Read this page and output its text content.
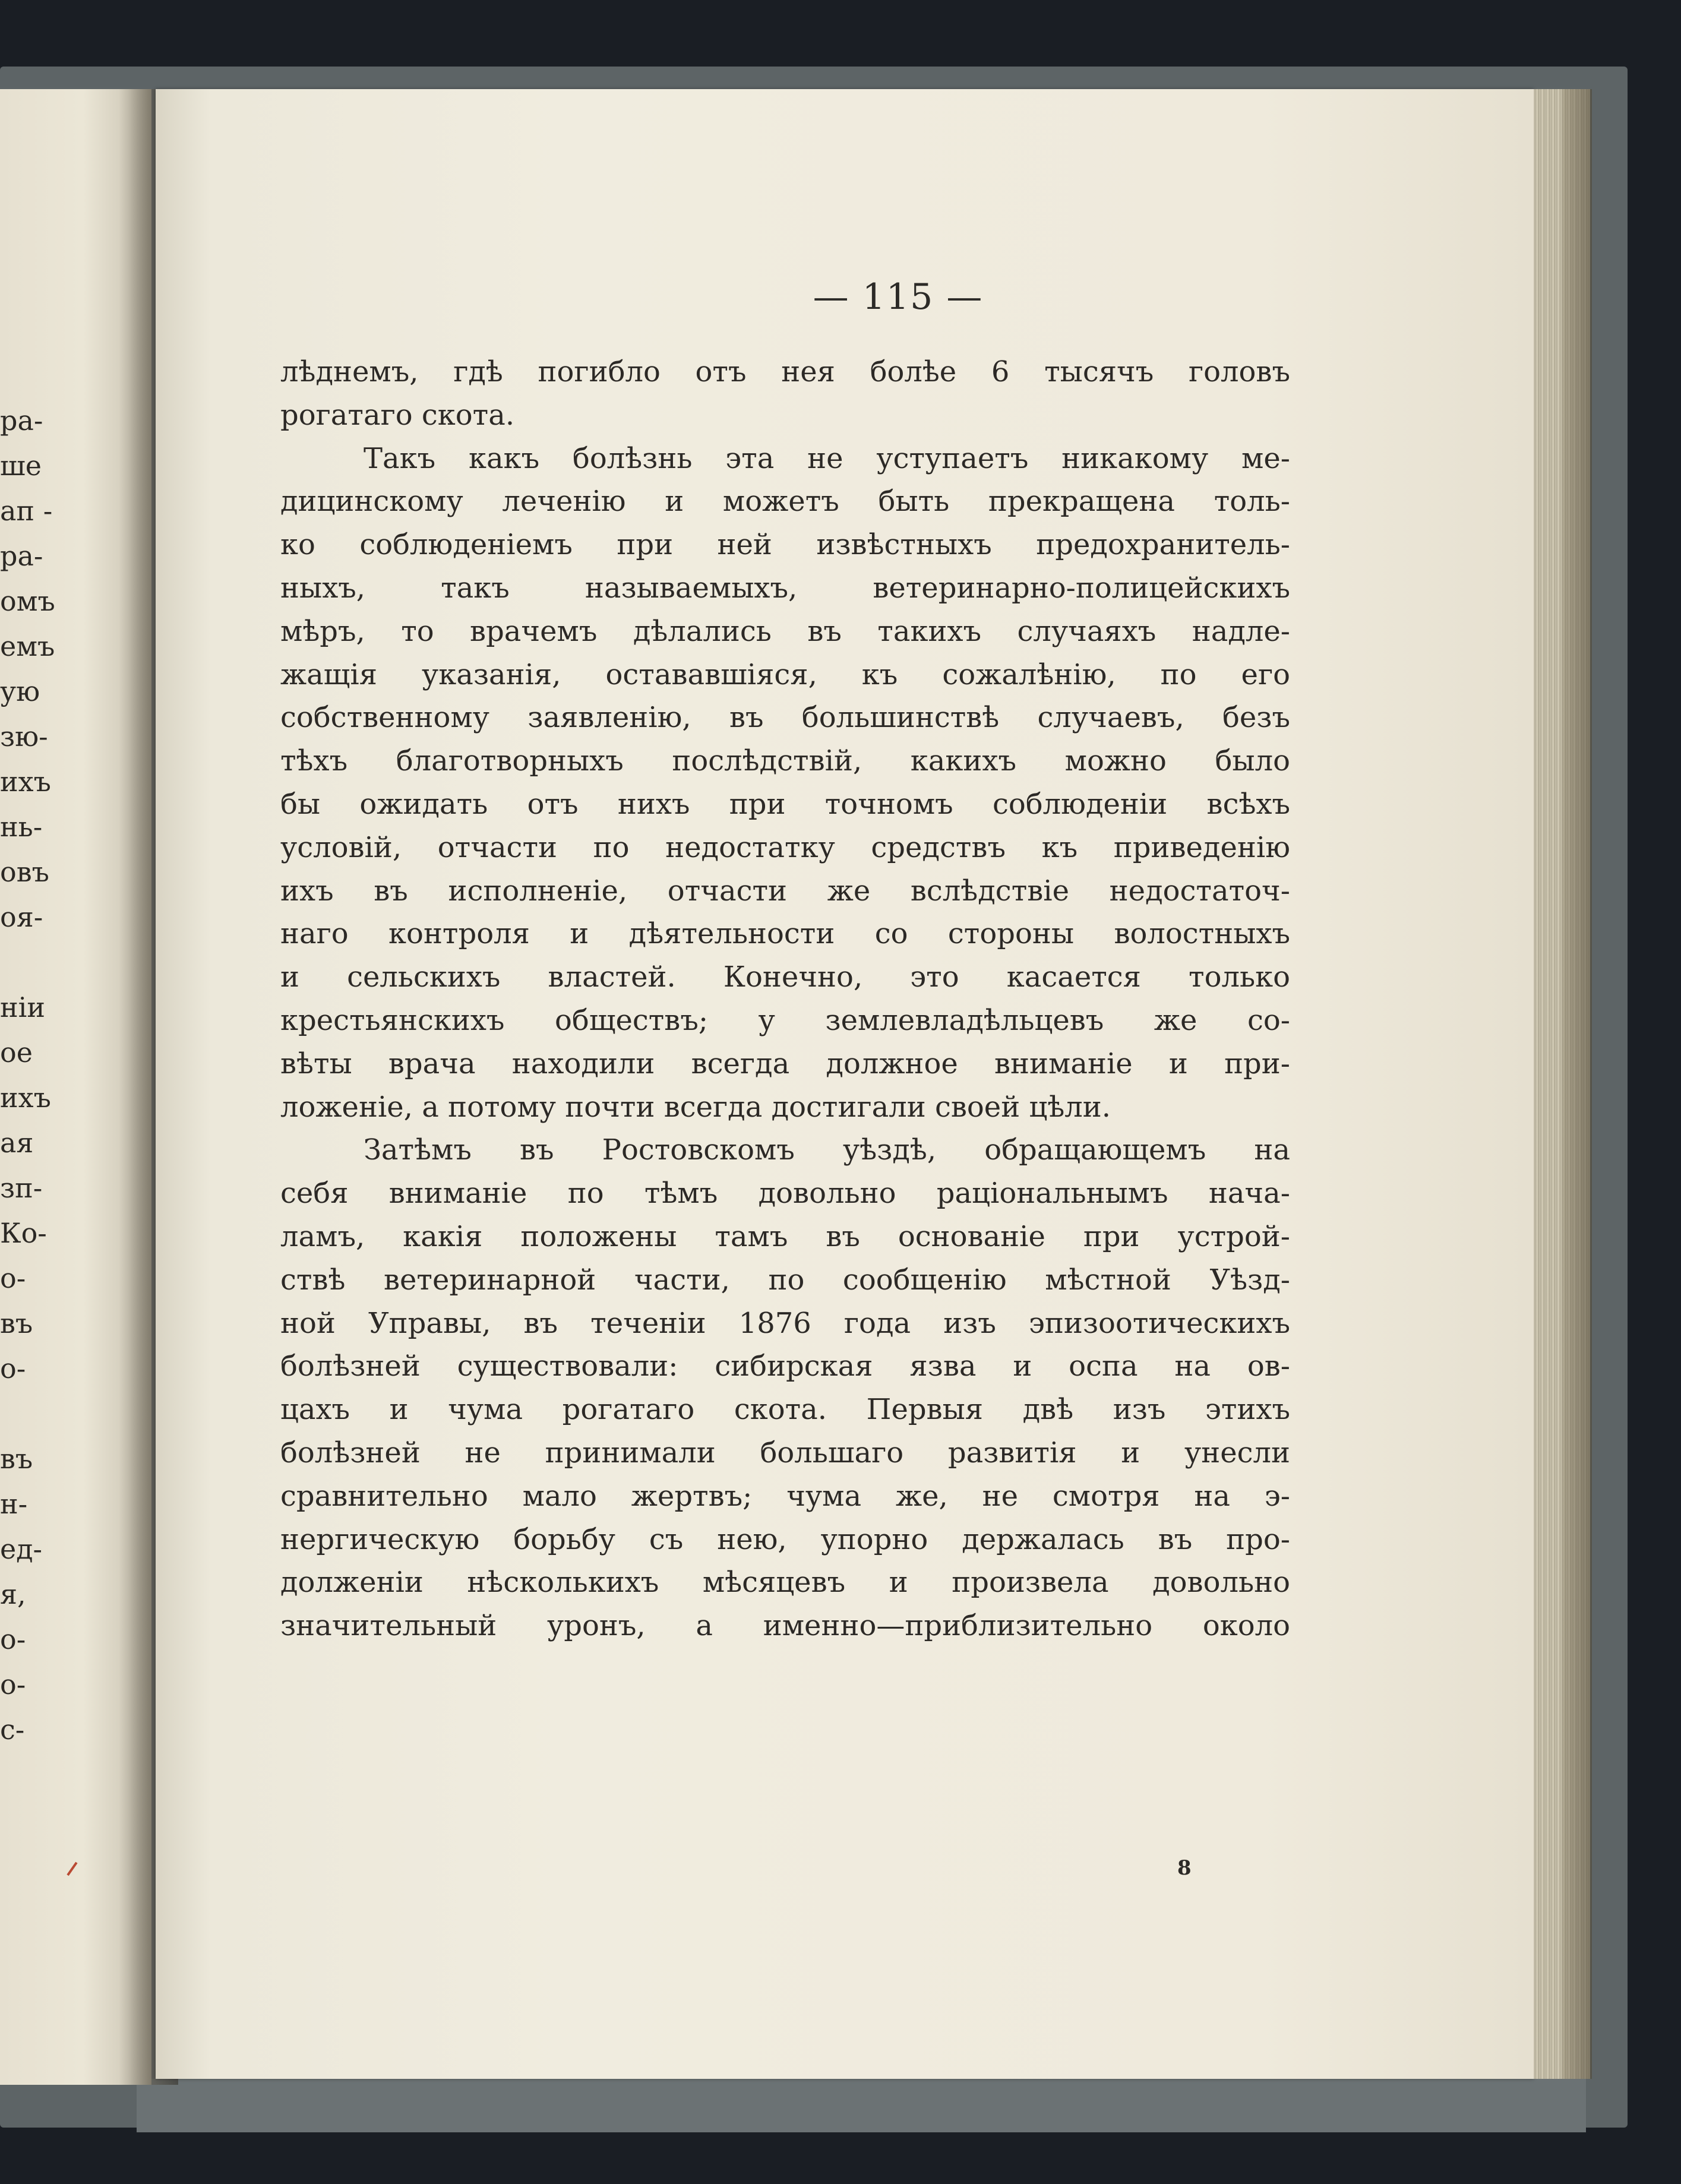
ра-
ше
ап -
ра-
омъ
емъ
ую
зю-
ихъ
нь-
овъ
оя-
ніи
ое
ихъ
ая
зп-
Ко-
о-
въ
о-
въ
н-
ед-
я,
о-
о-
с-

— 115 —

лѣднемъ, гдѣ погибло отъ нея болѣе 6 тысячъ головъ
рогатаго скота.
Такъ какъ болѣзнь эта не уступаетъ никакому ме-
дицинскому леченію и можетъ быть прекращена толь-
ко соблюденіемъ при ней извѣстныхъ предохранитель-
ныхъ, такъ называемыхъ, ветеринарно-полицейскихъ
мѣръ, то врачемъ дѣлались въ такихъ случаяхъ надле-
жащія указанія, остававшіяся, къ сожалѣнію, по его
собственному заявленію, въ большинствѣ случаевъ, безъ
тѣхъ благотворныхъ послѣдствій, какихъ можно было
бы ожидать отъ нихъ при точномъ соблюденіи всѣхъ
условій, отчасти по недостатку средствъ къ приведенію
ихъ въ исполненіе, отчасти же вслѣдствіе недостаточ-
наго контроля и дѣятельности со стороны волостныхъ
и сельскихъ властей. Конечно, это касается только
крестьянскихъ обществъ; у землевладѣльцевъ же со-
вѣты врача находили всегда должное вниманіе и при-
ложеніе, а потому почти всегда достигали своей цѣли.
Затѣмъ въ Ростовскомъ уѣздѣ, обращающемъ на
себя вниманіе по тѣмъ довольно раціональнымъ нача-
ламъ, какія положены тамъ въ основаніе при устрой-
ствѣ ветеринарной части, по сообщенію мѣстной Уѣзд-
ной Управы, въ теченіи 1876 года изъ эпизоотическихъ
болѣзней существовали: сибирская язва и оспа на ов-
цахъ и чума рогатаго скота. Первыя двѣ изъ этихъ
болѣзней не принимали большаго развитія и унесли
сравнительно мало жертвъ; чума же, не смотря на э-
нергическую борьбу съ нею, упорно держалась въ про-
долженіи нѣсколькихъ мѣсяцевъ и произвела довольно
значительный уронъ, а именно—приблизительно около

8
